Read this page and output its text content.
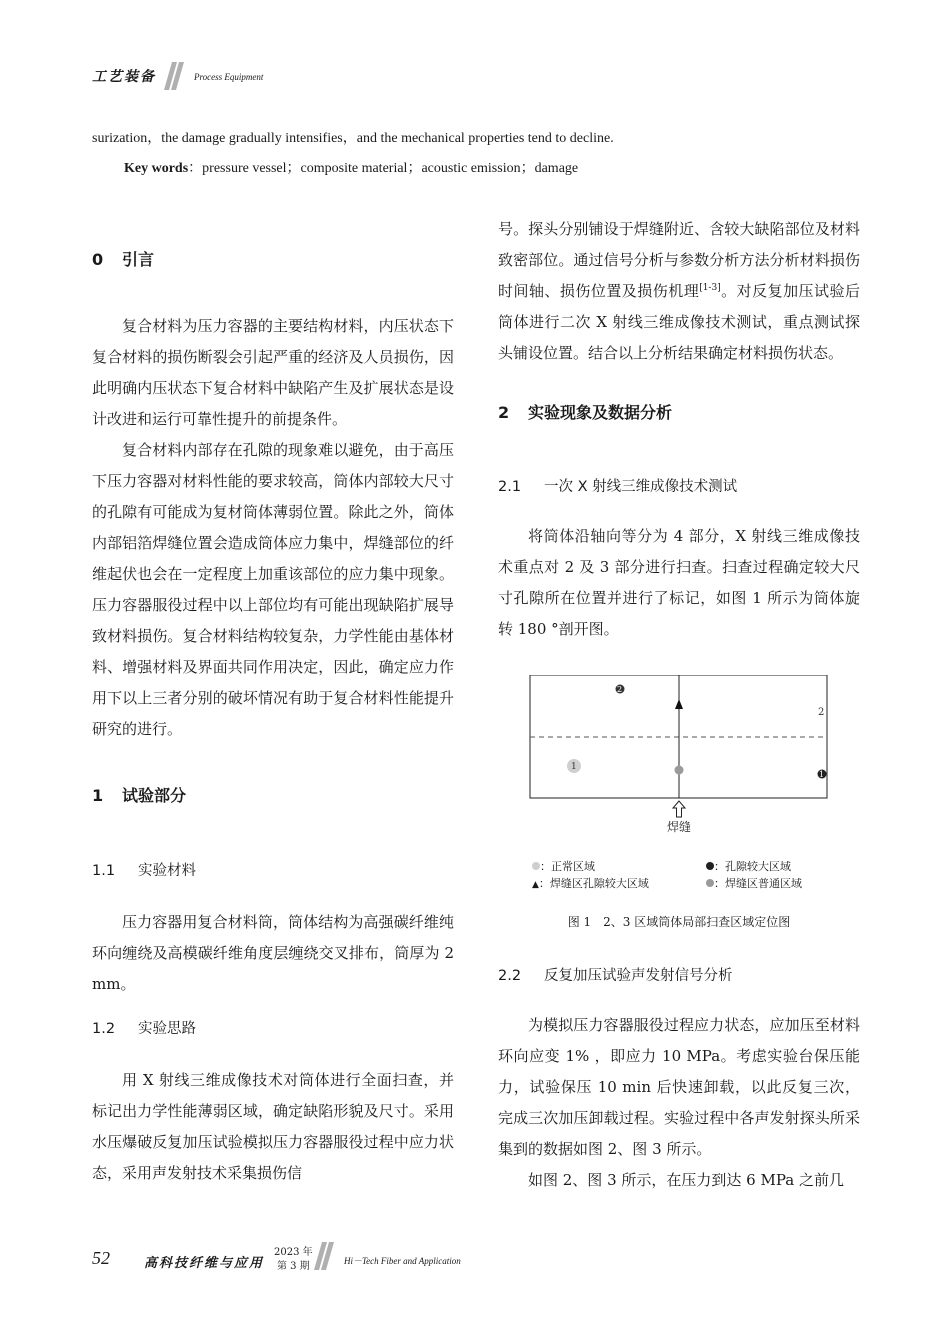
工艺装备	Process Equipment
surization，the damage gradually intensifies，and the mechanical properties tend to decline.
Key words：pressure vessel；composite material；acoustic emission；damage
0 引言

复合材料为压力容器的主要结构材料，内压状态下复合材料的损伤断裂会引起严重的经济及人员损伤，因此明确内压状态下复合材料中缺陷产生及扩展状态是设计改进和运行可靠性提升的前提条件。

复合材料内部存在孔隙的现象难以避免，由于高压下压力容器对材料性能的要求较高，筒体内部较大尺寸的孔隙有可能成为复材筒体薄弱位置。除此之外，筒体内部铝箔焊缝位置会造成筒体应力集中，焊缝部位的纤维起伏也会在一定程度上加重该部位的应力集中现象。压力容器服役过程中以上部位均有可能出现缺陷扩展导致材料损伤。复合材料结构较复杂，力学性能由基体材料、增强材料及界面共同作用决定，因此，确定应力作用下以上三者分别的破坏情况有助于复合材料性能提升研究的进行。

1 试验部分
1.1 实验材料

压力容器用复合材料筒，筒体结构为高强碳纤维纯环向缠绕及高模碳纤维角度层缠绕交叉排布，筒厚为 2 mm。

1.2 实验思路

用 X 射线三维成像技术对筒体进行全面扫查，并标记出力学性能薄弱区域，确定缺陷形貌及尺寸。采用水压爆破反复加压试验模拟压力容器服役过程中应力状态，采用声发射技术采集损伤信

号。探头分别铺设于焊缝附近、含较大缺陷部位及材料致密部位。通过信号分析与参数分析方法分析材料损伤时间轴、损伤位置及损伤机理[1-3]。对反复加压试验后筒体进行二次 X 射线三维成像技术测试，重点测试探头铺设位置。结合以上分析结果确定材料损伤状态。

2 实验现象及数据分析
2.1 一次 X 射线三维成像技术测试

将筒体沿轴向等分为 4 部分，X 射线三维成像技术重点对 2 及 3 部分进行扫查。扫查过程确定较大尺寸孔隙所在位置并进行了标记，如图 1 所示为筒体旋转 180 °剖开图。

2
1
2
1
焊缝
：正常区域	：孔隙较大区域
▲：焊缝区孔隙较大区域	：焊缝区普通区域
图 1　2、3 区域筒体局部扫查区域定位图
2.2 反复加压试验声发射信号分析

为模拟压力容器服役过程应力状态，应加压至材料环向应变 1% ，即应力 10 MPa。考虑实验台保压能力，试验保压 10 min 后快速卸载，以此反复三次，完成三次加压卸载过程。实验过程中各声发射探头所采集到的数据如图 2、图 3 所示。

如图 2、图 3 所示，在压力到达 6 MPa 之前几

52	高科技纤维与应用
2023 年
第 3 期	Hi－Tech Fiber and Application
